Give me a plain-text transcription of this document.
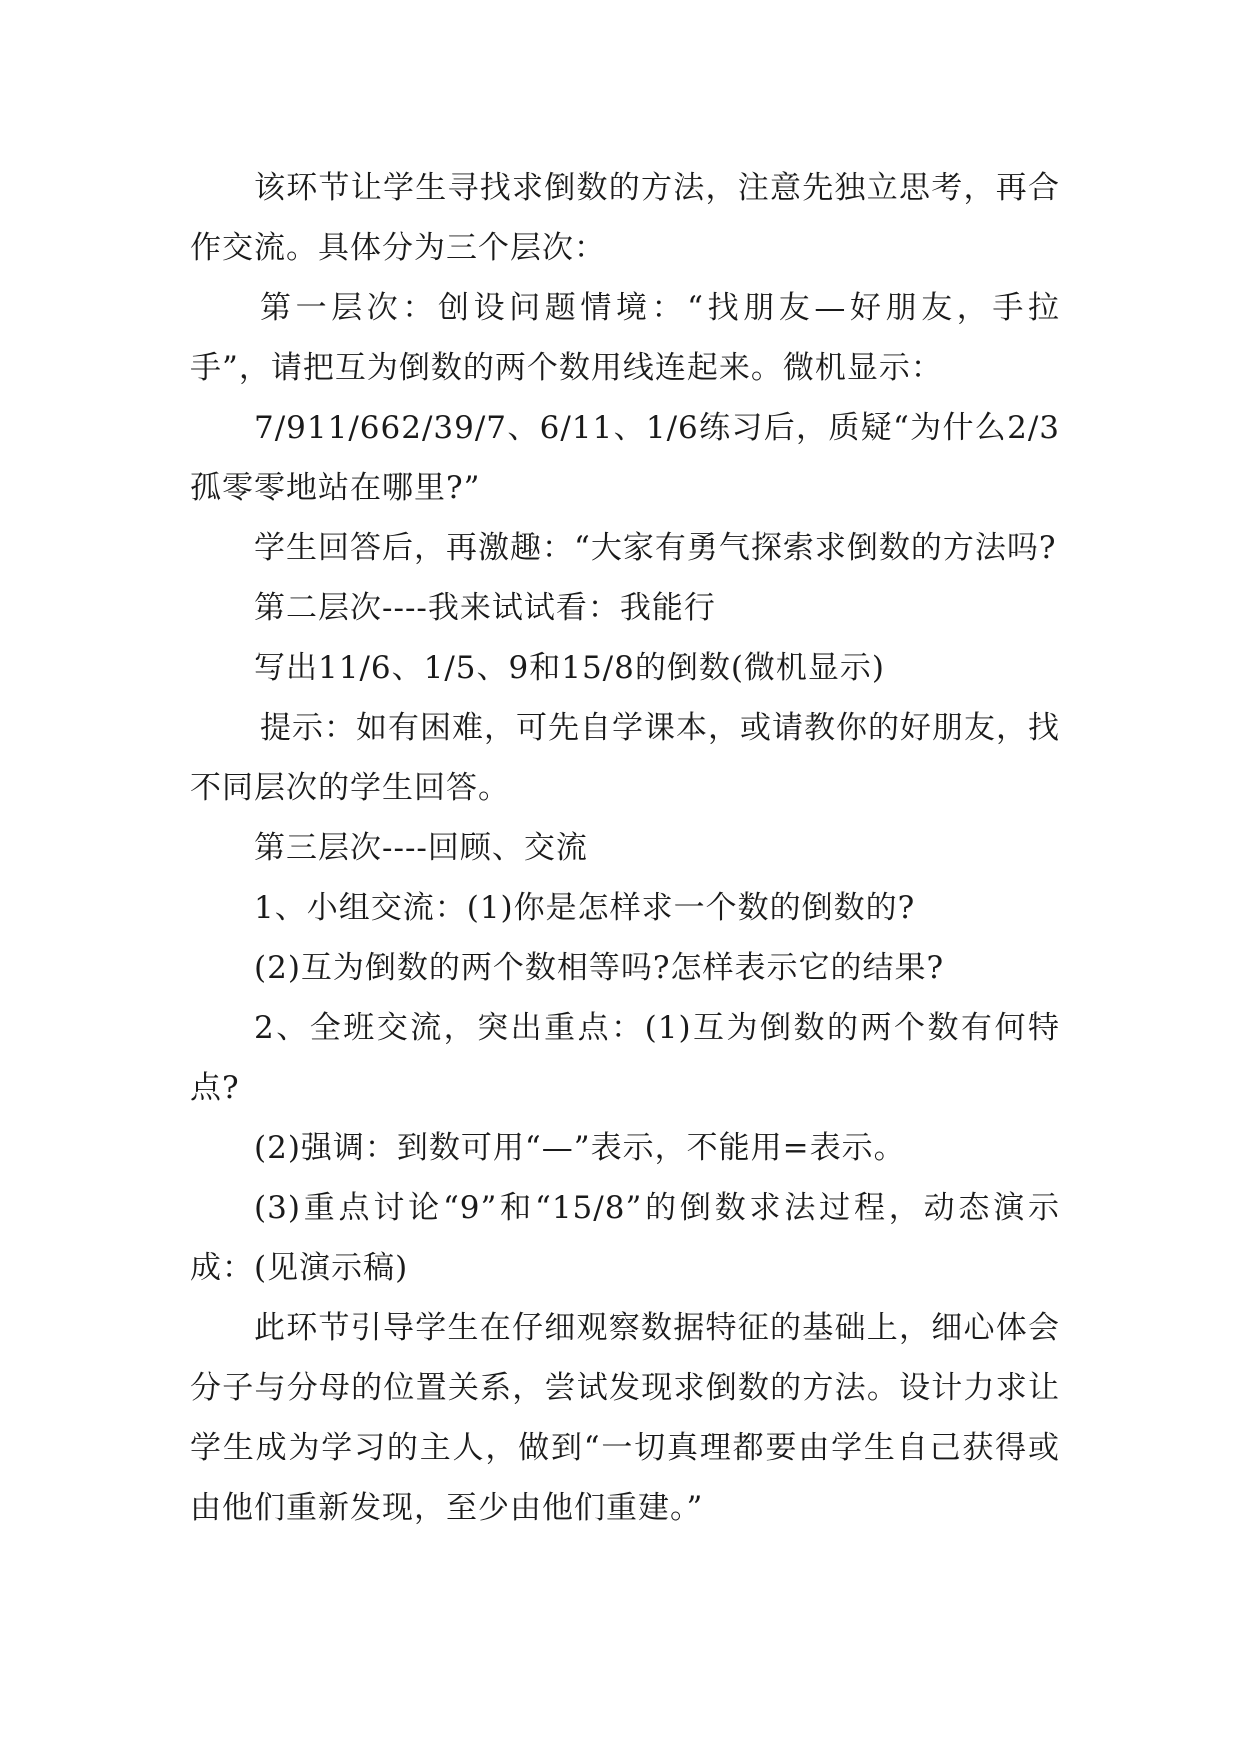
该环节让学生寻找求倒数的方法，注意先独立思考，再合作交流。具体分为三个层次：

第一层次：创设问题情境：“找朋友—好朋友，手拉手”，请把互为倒数的两个数用线连起来。微机显示：

7/911/662/39/7、6/11、1/6练习后，质疑“为什么2/3孤零零地站在哪里?”

学生回答后，再激趣：“大家有勇气探索求倒数的方法吗?

第二层次----我来试试看：我能行

写出11/6、1/5、9和15/8的倒数(微机显示)

提示：如有困难，可先自学课本，或请教你的好朋友，找不同层次的学生回答。

第三层次----回顾、交流

1、小组交流：(1)你是怎样求一个数的倒数的?

(2)互为倒数的两个数相等吗?怎样表示它的结果?

2、全班交流，突出重点：(1)互为倒数的两个数有何特点?

(2)强调：到数可用“—”表示，不能用=表示。

(3)重点讨论“9”和“15/8”的倒数求法过程，动态演示成：(见演示稿)

此环节引导学生在仔细观察数据特征的基础上，细心体会分子与分母的位置关系，尝试发现求倒数的方法。设计力求让学生成为学习的主人，做到“一切真理都要由学生自己获得或由他们重新发现，至少由他们重建。”
